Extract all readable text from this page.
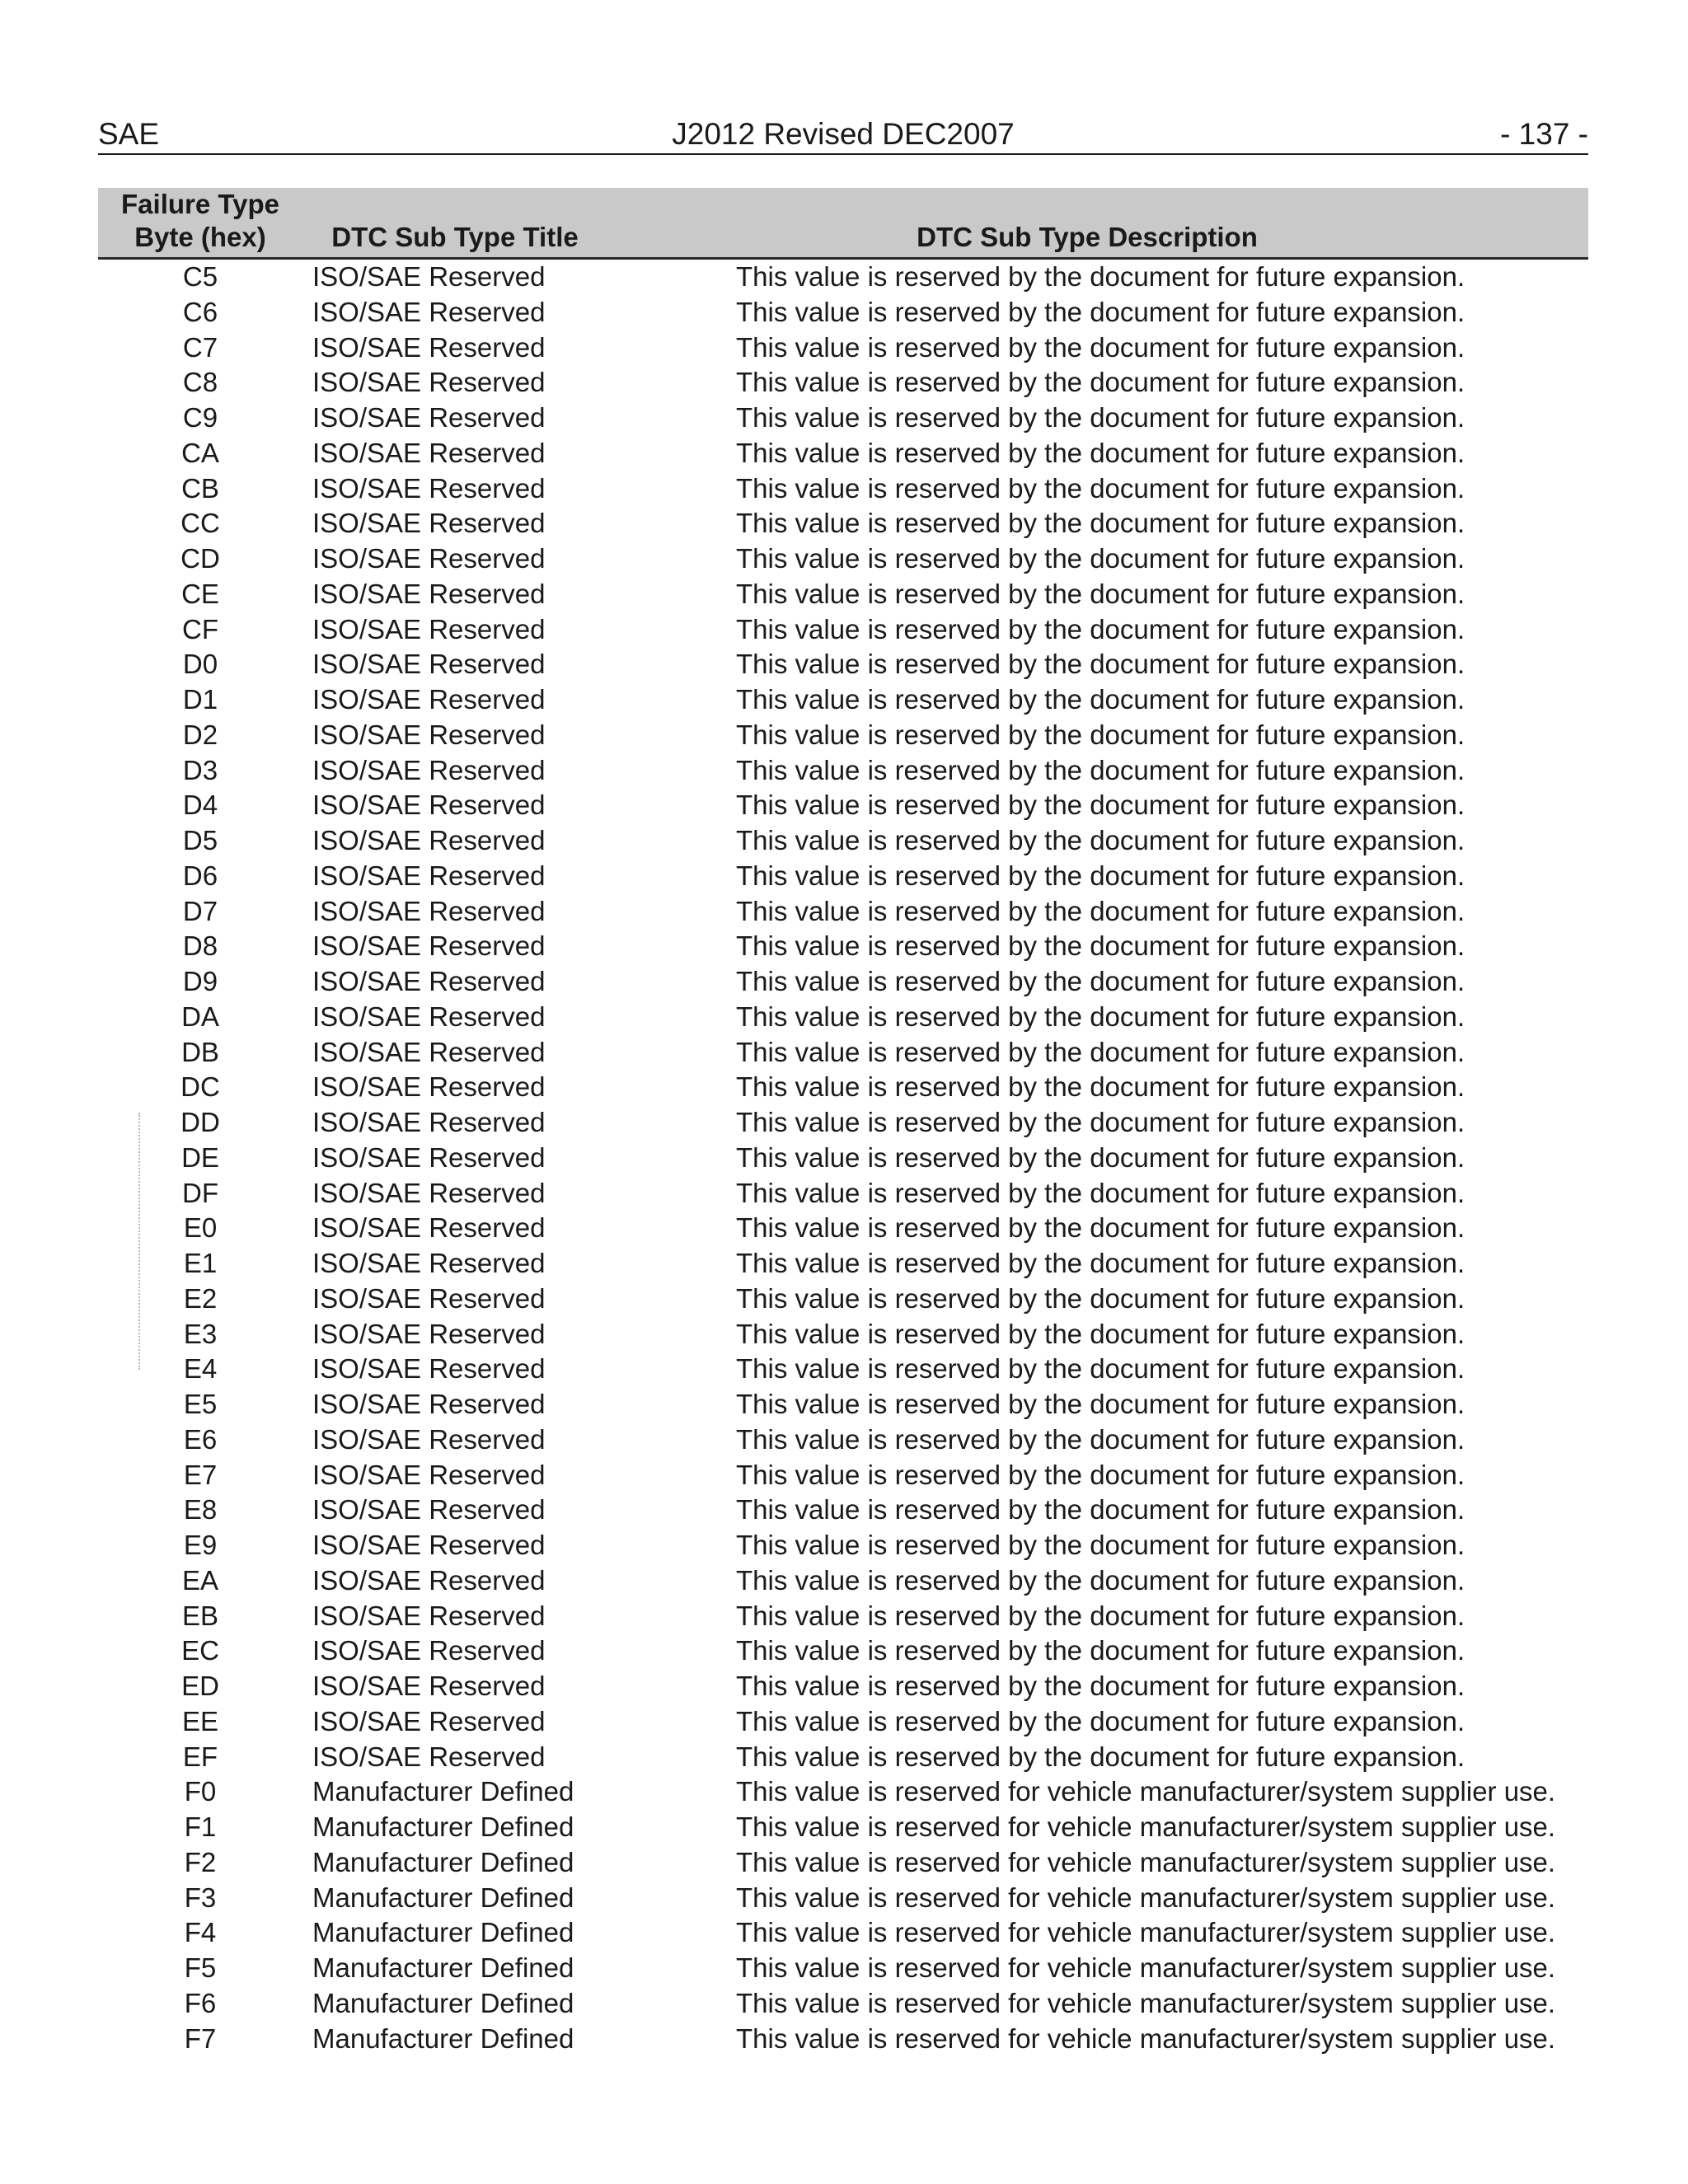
SAE	J2012 Revised DEC2007	- 137 -
Failure Type
Byte (hex)	DTC Sub Type Title	DTC Sub Type Description
C5	ISO/SAE Reserved	This value is reserved by the document for future expansion.
C6	ISO/SAE Reserved	This value is reserved by the document for future expansion.
C7	ISO/SAE Reserved	This value is reserved by the document for future expansion.
C8	ISO/SAE Reserved	This value is reserved by the document for future expansion.
C9	ISO/SAE Reserved	This value is reserved by the document for future expansion.
CA	ISO/SAE Reserved	This value is reserved by the document for future expansion.
CB	ISO/SAE Reserved	This value is reserved by the document for future expansion.
CC	ISO/SAE Reserved	This value is reserved by the document for future expansion.
CD	ISO/SAE Reserved	This value is reserved by the document for future expansion.
CE	ISO/SAE Reserved	This value is reserved by the document for future expansion.
CF	ISO/SAE Reserved	This value is reserved by the document for future expansion.
D0	ISO/SAE Reserved	This value is reserved by the document for future expansion.
D1	ISO/SAE Reserved	This value is reserved by the document for future expansion.
D2	ISO/SAE Reserved	This value is reserved by the document for future expansion.
D3	ISO/SAE Reserved	This value is reserved by the document for future expansion.
D4	ISO/SAE Reserved	This value is reserved by the document for future expansion.
D5	ISO/SAE Reserved	This value is reserved by the document for future expansion.
D6	ISO/SAE Reserved	This value is reserved by the document for future expansion.
D7	ISO/SAE Reserved	This value is reserved by the document for future expansion.
D8	ISO/SAE Reserved	This value is reserved by the document for future expansion.
D9	ISO/SAE Reserved	This value is reserved by the document for future expansion.
DA	ISO/SAE Reserved	This value is reserved by the document for future expansion.
DB	ISO/SAE Reserved	This value is reserved by the document for future expansion.
DC	ISO/SAE Reserved	This value is reserved by the document for future expansion.
DD	ISO/SAE Reserved	This value is reserved by the document for future expansion.
DE	ISO/SAE Reserved	This value is reserved by the document for future expansion.
DF	ISO/SAE Reserved	This value is reserved by the document for future expansion.
E0	ISO/SAE Reserved	This value is reserved by the document for future expansion.
E1	ISO/SAE Reserved	This value is reserved by the document for future expansion.
E2	ISO/SAE Reserved	This value is reserved by the document for future expansion.
E3	ISO/SAE Reserved	This value is reserved by the document for future expansion.
E4	ISO/SAE Reserved	This value is reserved by the document for future expansion.
E5	ISO/SAE Reserved	This value is reserved by the document for future expansion.
E6	ISO/SAE Reserved	This value is reserved by the document for future expansion.
E7	ISO/SAE Reserved	This value is reserved by the document for future expansion.
E8	ISO/SAE Reserved	This value is reserved by the document for future expansion.
E9	ISO/SAE Reserved	This value is reserved by the document for future expansion.
EA	ISO/SAE Reserved	This value is reserved by the document for future expansion.
EB	ISO/SAE Reserved	This value is reserved by the document for future expansion.
EC	ISO/SAE Reserved	This value is reserved by the document for future expansion.
ED	ISO/SAE Reserved	This value is reserved by the document for future expansion.
EE	ISO/SAE Reserved	This value is reserved by the document for future expansion.
EF	ISO/SAE Reserved	This value is reserved by the document for future expansion.
F0	Manufacturer Defined	This value is reserved for vehicle manufacturer/system supplier use.
F1	Manufacturer Defined	This value is reserved for vehicle manufacturer/system supplier use.
F2	Manufacturer Defined	This value is reserved for vehicle manufacturer/system supplier use.
F3	Manufacturer Defined	This value is reserved for vehicle manufacturer/system supplier use.
F4	Manufacturer Defined	This value is reserved for vehicle manufacturer/system supplier use.
F5	Manufacturer Defined	This value is reserved for vehicle manufacturer/system supplier use.
F6	Manufacturer Defined	This value is reserved for vehicle manufacturer/system supplier use.
F7	Manufacturer Defined	This value is reserved for vehicle manufacturer/system supplier use.
